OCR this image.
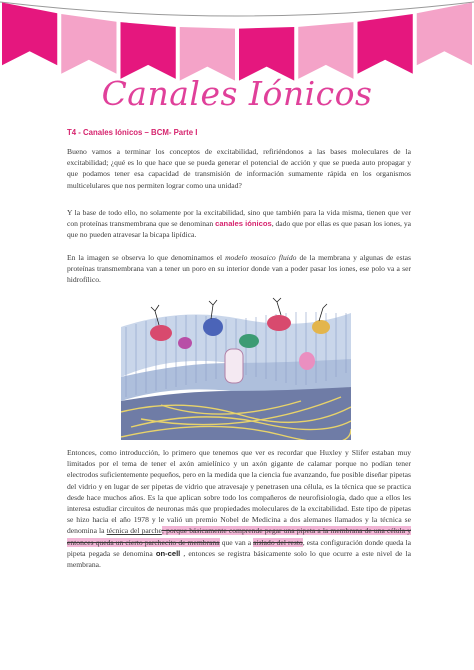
Canales Iónicos
T4 - Canales Iónicos – BCM- Parte I
Bueno vamos a terminar los conceptos de excitabilidad, refiriéndonos a las bases moleculares de la excitabilidad; ¿qué es lo que hace que se pueda generar el potencial de acción y que se pueda auto propagar y que podamos tener esa capacidad de transmisión de información sumamente rápida en los organismos multicelulares que nos permiten lograr como una unidad?
Y la base de todo ello, no solamente por la excitabilidad, sino que también para la vida misma, tienen que ver con proteínas transmembrana que se denominan canales iónicos, dado que por ellas es que pasan los iones, ya que no pueden atravesar la bicapa lipídica.
En la imagen se observa lo que denominamos el modelo mosaico fluido de la membrana y algunas de estas proteínas transmembrana van a tener un poro en su interior donde van a poder pasar los iones, ese polo va a ser hidrofílico.
Entonces, como introducción, lo primero que tenemos que ver es recordar que Huxley y Slifer estaban muy limitados por el tema de tener el axón amielínico y un axón gigante de calamar porque no podían tener electrodos suficientemente pequeños, pero en la medida que la ciencia fue avanzando, fue posible diseñar pipetas del vidrio y en lugar de ser pipetas de vidrio que atravesaje y penetrasen una célula, es la técnica que se practica desde hace muchos años. Es la que aplican sobre todo los compañeros de neurofisiología, dado que a ellos les interesa estudiar circuitos de neuronas más que propiedades moleculares de la excitabilidad. Este tipo de pipetas se hizo hacia el año 1978 y le valió un premio Nobel de Medicina a dos alemanes llamados y la técnica se denomina la técnica del parche; porque básicamente comprende pegar una pipeta a la membrana de una célula y entonces queda un cierto parchecito de membrana que van a aislado del resto, esta configuración donde queda la pipeta pegada se denomina on-cell , entonces se registra básicamente solo lo que ocurre a este nivel de la membrana.
